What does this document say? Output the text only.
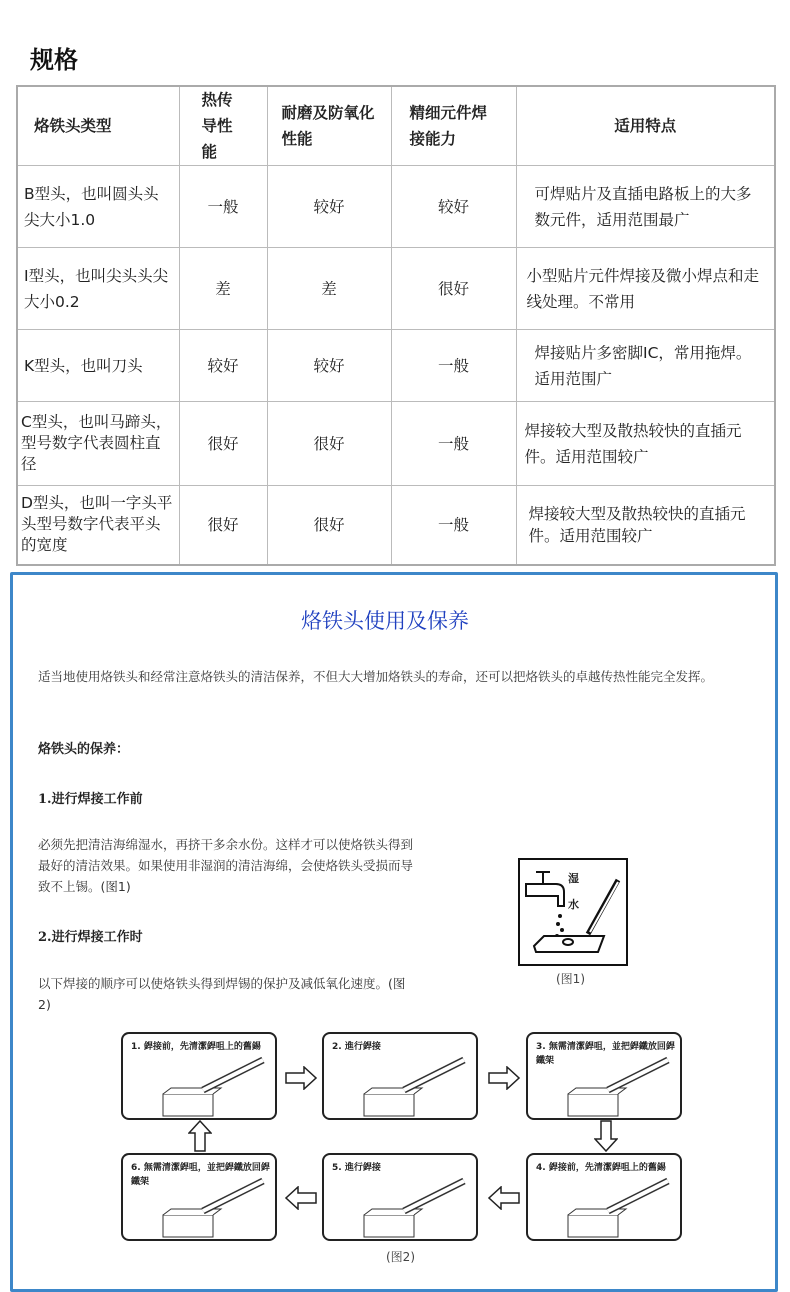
规格
烙铁头类型	热传导性能	耐磨及防氧化性能	精细元件焊接能力	适用特点
B型头，也叫圆头头尖大小1.0	一般	较好	较好	可焊贴片及直插电路板上的大多数元件，适用范围最广
I型头，也叫尖头头尖大小0.2	差	差	很好	小型贴片元件焊接及微小焊点和走线处理。不常用
K型头，也叫刀头	较好	较好	一般	焊接贴片多密脚IC，常用拖焊。适用范围广
C型头，也叫马蹄头，型号数字代表圆柱直径	很好	很好	一般	焊接较大型及散热较快的直插元件。适用范围较广
D型头，也叫一字头平头型号数字代表平头的宽度	很好	很好	一般	焊接较大型及散热较快的直插元件。适用范围较广
烙铁头使用及保养
适当地使用烙铁头和经常注意烙铁头的清洁保养，不但大大增加烙铁头的寿命，还可以把烙铁头的卓越传热性能完全发挥。
烙铁头的保养：
1.进行焊接工作前
必须先把清洁海绵湿水，再挤干多余水份。这样才可以使烙铁头得到最好的清洁效果。如果使用非湿润的清洁海绵，会使烙铁头受损而导致不上锡。(图1)
2.进行焊接工作时
以下焊接的顺序可以使烙铁头得到焊锡的保护及减低氧化速度。(图2)
湿水
(图1)
1. 銲接前，先清潔銲咀上的舊錫	2. 進行銲接	3. 無需清潔銲咀，並把銲鐵放回銲鐵架
4. 銲接前，先清潔銲咀上的舊錫
5. 進行銲接
6. 無需清潔銲咀，並把銲鐵放回銲鐵架
(图2)
